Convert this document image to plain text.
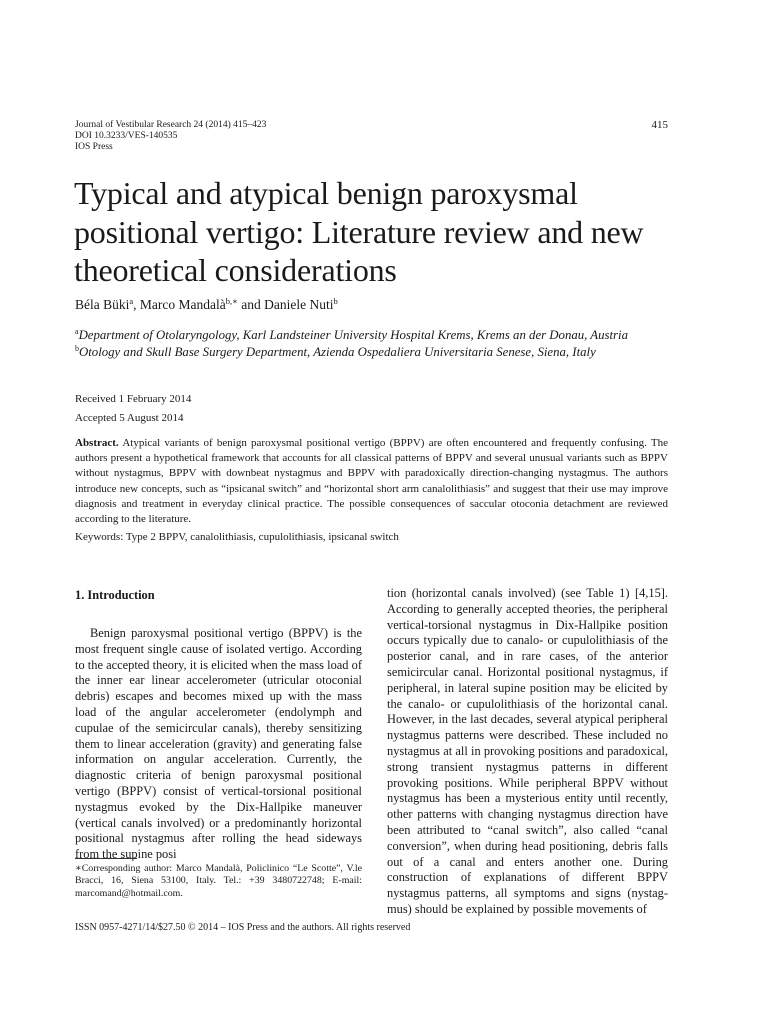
Journal of Vestibular Research 24 (2014) 415–423
DOI 10.3233/VES-140535
IOS Press
415
Typical and atypical benign paroxysmal
positional vertigo: Literature review and new
theoretical considerations
Béla Büki$^a$, Marco Mandalà$^{b,∗}$ and Daniele Nuti$^b$
$^a$Department of Otolaryngology, Karl Landsteiner University Hospital Krems, Krems an der Donau, Austria
$^b$Otology and Skull Base Surgery Department, Azienda Ospedaliera Universitaria Senese, Siena, Italy
Received 1 February 2014
Accepted 5 August 2014
Abstract. Atypical variants of benign paroxysmal positional vertigo (BPPV) are often encountered and frequently confusing. The authors present a hypothetical framework that accounts for all classical patterns of BPPV and several unusual variants such as BPPV without nystagmus, BPPV with downbeat nystagmus and BPPV with paradoxically direction-changing nystagmus. The authors introduce new concepts, such as “ipsicanal switch” and “horizontal short arm canalolithiasis” and suggest that their use may improve diagnosis and treatment in everyday clinical practice. The possible consequences of saccular otoconia detachment are reviewed according to the literature.
Keywords: Type 2 BPPV, canalolithiasis, cupulolithiasis, ipsicanal switch
1. Introduction

Benign paroxysmal positional vertigo (BPPV) is the most frequent single cause of isolated vertigo. According to the accepted theory, it is elicited when the mass load of the inner ear linear accelerometer (utricular otoconial debris) escapes and becomes mixed up with the mass load of the angular accelerometer (endolymph and cupulae of the semicircular canals), thereby sensitizing them to linear acceleration (gravity) and generating false information on angular acceleration. Currently, the diagnostic criteria of benign paroxysmal positional vertigo (BPPV) consist of vertical-torsional positional nystagmus evoked by the Dix-Hallpike maneuver (vertical canals involved) or a predominantly horizontal positional nystagmus after rolling the head sideways from the supine posi

tion (horizontal canals involved) (see Table 1) [4,15]. According to generally accepted theories, the peripheral vertical-torsional nystagmus in Dix-Hallpike position occurs typically due to canalo- or cupulolithiasis of the posterior canal, and in rare cases, of the anterior semicircular canal. Horizontal positional nystagmus, if peripheral, in lateral supine position may be elicited by the canalo- or cupulolithiasis of the horizontal canal. However, in the last decades, several atypical peripheral nystagmus patterns were described. These included no nystagmus at all in provoking positions and paradoxical, strong transient nystagmus patterns in different provoking positions. While peripheral BPPV without nystagmus has been a mysterious entity until recently, other patterns with changing nystagmus direction have been attributed to “canal switch”, also called “canal conversion”, when during head positioning, debris falls out of a canal and enters another one. During construction of explanations of different BPPV nystagmus patterns, all symptoms and signs (nystagmus) should be explained by possible movements of

∗Corresponding author: Marco Mandalà, Policlinico “Le Scotte”, V.le Bracci, 16, Siena 53100, Italy. Tel.: +39 3480722748; E-mail: marcomand@hotmail.com.
ISSN 0957-4271/14/$27.50 © 2014 – IOS Press and the authors. All rights reserved
